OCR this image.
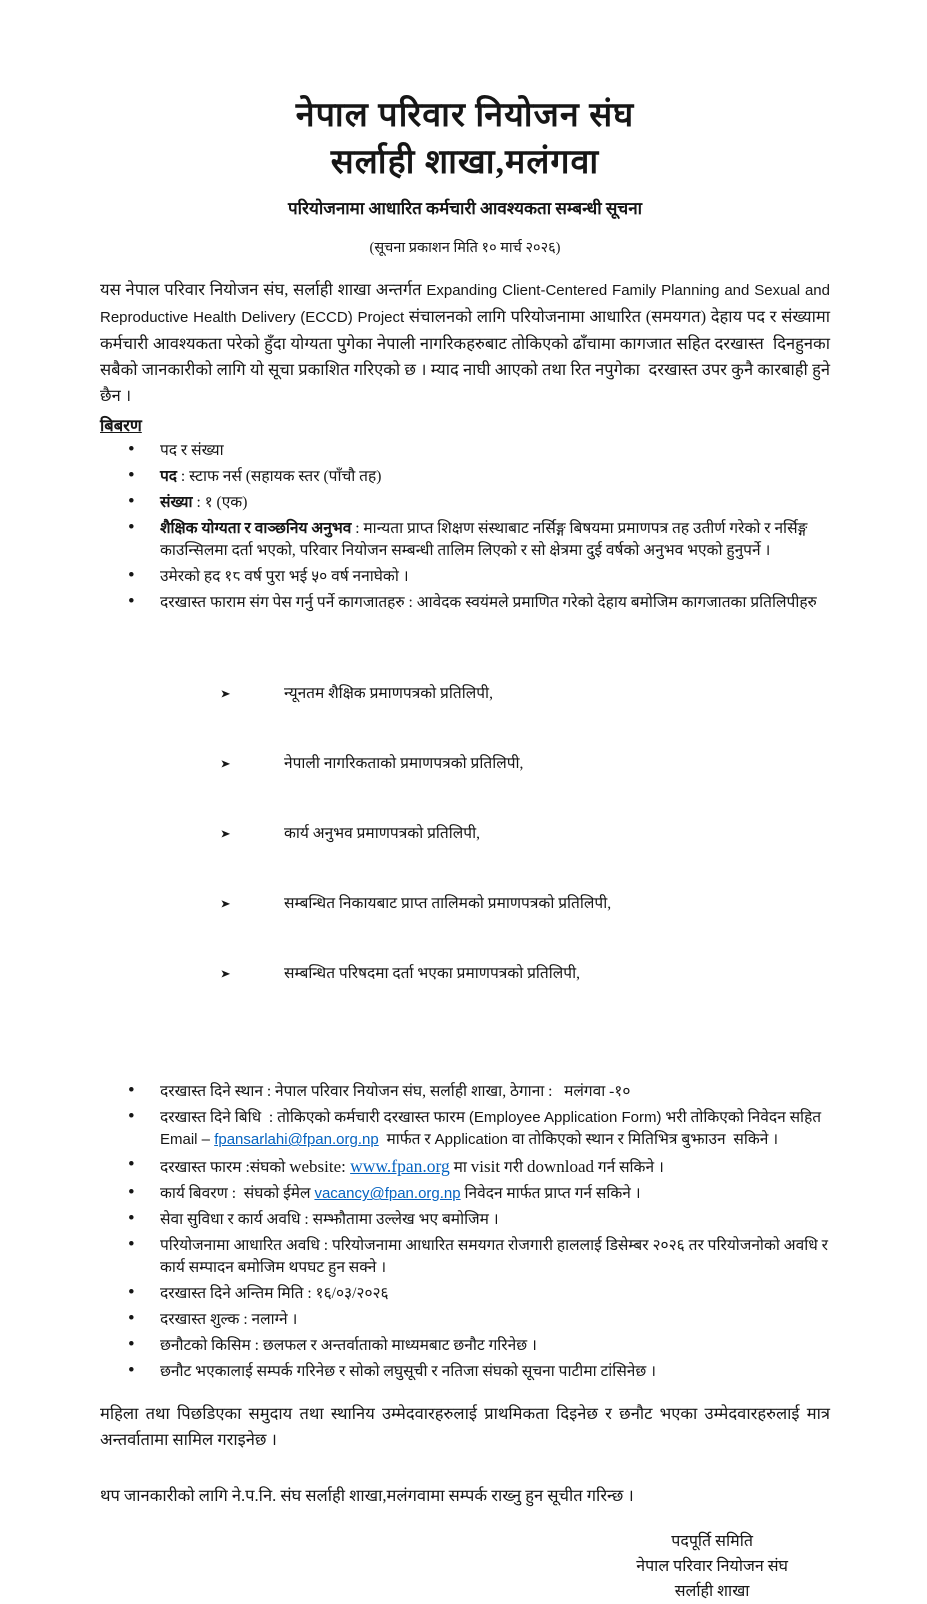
नेपाल परिवार नियोजन संघ
सर्लाही शाखा,मलंगवा
परियोजनामा आधारित कर्मचारी आवश्यकता सम्बन्धी सूचना
(सूचना प्रकाशन मिति १० मार्च २०२६)

यस नेपाल परिवार नियोजन संघ, सर्लाही शाखा अन्तर्गत Expanding Client-Centered Family Planning and Sexual and Reproductive Health Delivery (ECCD) Project संचालनको लागि परियोजनामा आधारित (समयगत) देहाय पद र संख्यामा कर्मचारी आवश्यकता परेको हुँदा योग्यता पुगेका नेपाली नागरिकहरुबाट तोकिएको ढाँचामा कागजात सहित दरखास्त  दिनहुनका सबैको जानकारीको लागि यो सूचा प्रकाशित गरिएको छ । म्याद नाघी आएको तथा रित नपुगेका  दरखास्त उपर कुनै कारबाही हुने छैन ।

बिबरण
• पद र संख्या
• पद : स्टाफ नर्स (सहायक स्तर (पाँचौ तह)
• संख्या : १ (एक)
• शैक्षिक योग्यता र वाञ्छनिय अनुभव : मान्यता प्राप्त शिक्षण संस्थाबाट नर्सिङ्ग बिषयमा प्रमाणपत्र तह उतीर्ण गरेको र नर्सिङ्ग काउन्सिलमा दर्ता भएको, परिवार नियोजन सम्बन्धी तालिम लिएको र सो क्षेत्रमा दुई वर्षको अनुभव भएको हुनुपर्ने ।
• उमेरको हद १८ वर्ष पुरा भई ५० वर्ष ननाघेको ।
• दरखास्त फाराम संग पेस गर्नु पर्ने कागजातहरु : आवेदक स्वयंमले प्रमाणित गरेको देहाय बमोजिम कागजातका प्रतिलिपीहरु

➤ न्यूनतम शैक्षिक प्रमाणपत्रको प्रतिलिपी,

➤ नेपाली नागरिकताको प्रमाणपत्रको प्रतिलिपी,

➤ कार्य अनुभव प्रमाणपत्रको प्रतिलिपी,

➤ सम्बन्धित निकायबाट प्राप्त तालिमको प्रमाणपत्रको प्रतिलिपी,

➤ सम्बन्धित परिषदमा दर्ता भएका प्रमाणपत्रको प्रतिलिपी,

• दरखास्त दिने स्थान : नेपाल परिवार नियोजन संघ, सर्लाही शाखा, ठेगाना :   मलंगवा -१०
• दरखास्त दिने बिधि  : तोकिएको कर्मचारी दरखास्त फारम (Employee Application Form) भरी तोकिएको निवेदन सहित Email – fpansarlahi@fpan.org.np  मार्फत र Application वा तोकिएको स्थान र मितिभित्र बुझाउन  सकिने ।
• दरखास्त फारम :संघको website: www.fpan.org मा visit गरी download गर्न सकिने ।
• कार्य बिवरण :  संघको ईमेल vacancy@fpan.org.np निवेदन मार्फत प्राप्त गर्न सकिने ।
• सेवा सुविधा र कार्य अवधि : सम्झौतामा उल्लेख भए बमोजिम ।
• परियोजनामा आधारित अवधि : परियोजनामा आधारित समयगत रोजगारी हाललाई डिसेम्बर २०२६ तर परियोजनोको अवधि र कार्य सम्पादन बमोजिम थपघट हुन सक्ने ।
• दरखास्त दिने अन्तिम मिति : १६/०३/२०२६
• दरखास्त शुल्क : नलाग्ने ।
• छनौटको किसिम : छलफल र अन्तर्वाताको माध्यमबाट छनौट गरिनेछ ।
• छनौट भएकालाई सम्पर्क गरिनेछ र सोको लघुसूची र नतिजा संघको सूचना पाटीमा टांसिनेछ ।

महिला तथा पिछडिएका समुदाय तथा स्थानिय उम्मेदवारहरुलाई प्राथमिकता दिइनेछ र छनौट भएका उम्मेदवारहरुलाई मात्र अन्तर्वातामा सामिल गराइनेछ ।

थप जानकारीको लागि ने.प.नि. संघ सर्लाही शाखा,मलंगवामा सम्पर्क राख्नु हुन सूचीत गरिन्छ ।

पदपूर्ति समिति
नेपाल परिवार नियोजन संघ
सर्लाही शाखा
